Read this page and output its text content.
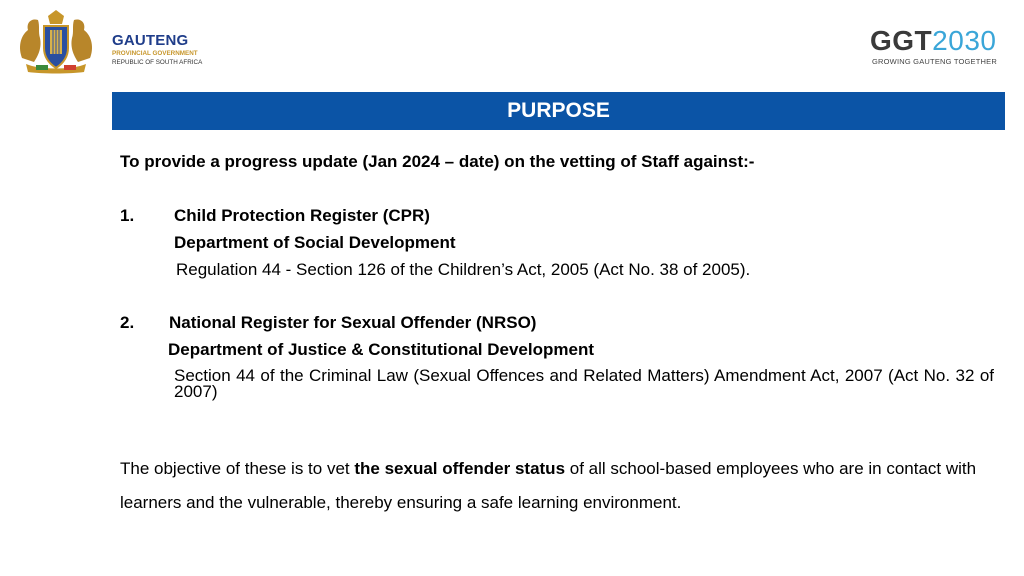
GAUTENG
PROVINCIAL GOVERNMENT
REPUBLIC OF SOUTH AFRICA
GGT2030
GROWING GAUTENG TOGETHER
PURPOSE
To provide a progress update (Jan 2024 – date) on the vetting of Staff against:-
1. Child Protection Register (CPR)
Department of Social Development
Regulation 44 - Section 126 of the Children’s Act, 2005 (Act No. 38 of 2005).
2. National Register for Sexual Offender (NRSO)
Department of Justice & Constitutional Development
Section 44 of the Criminal Law (Sexual Offences and Related Matters) Amendment Act, 2007 (Act No. 32 of 2007)
The objective of these is to vet the sexual offender status of all school-based employees who are in contact with learners and the vulnerable, thereby ensuring a safe learning environment.
